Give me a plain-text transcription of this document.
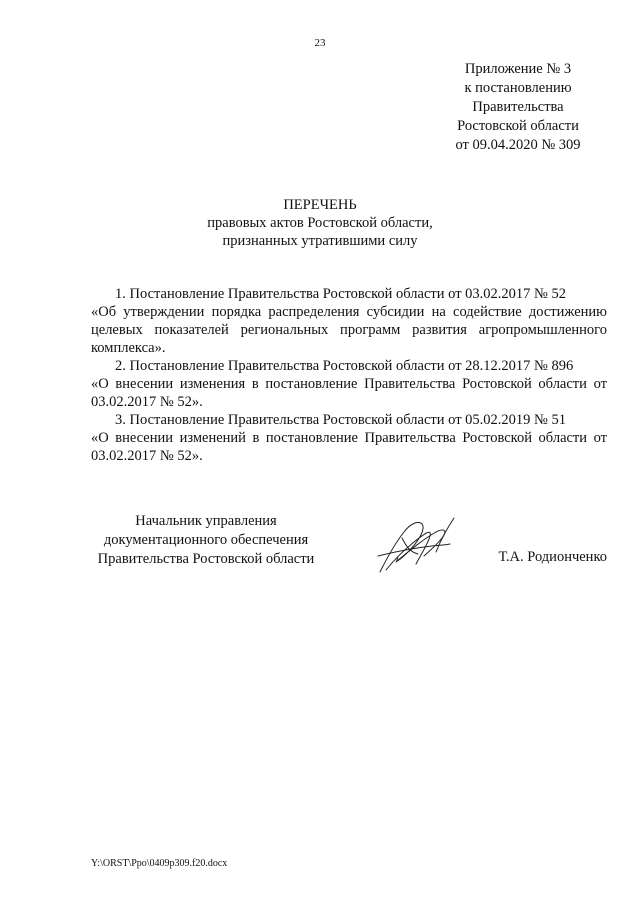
23
Приложение № 3
к постановлению
Правительства
Ростовской области
от 09.04.2020 № 309
ПЕРЕЧЕНЬ
правовых актов Ростовской области,
признанных утратившими силу

1. Постановление Правительства Ростовской области от 03.02.2017 № 52
«Об утверждении порядка распределения субсидии на содействие достижению целевых показателей региональных программ развития агропромышленного комплекса».

2. Постановление Правительства Ростовской области от 28.12.2017 № 896
«О внесении изменения в постановление Правительства Ростовской области от 03.02.2017 № 52».

3. Постановление Правительства Ростовской области от 05.02.2019 № 51
«О внесении изменений в постановление Правительства Ростовской области от 03.02.2017 № 52».

Начальник управления
документационного обеспечения
Правительства Ростовской области	Т.А. Родионченко
Y:\ORST\Ppo\0409p309.f20.docx
